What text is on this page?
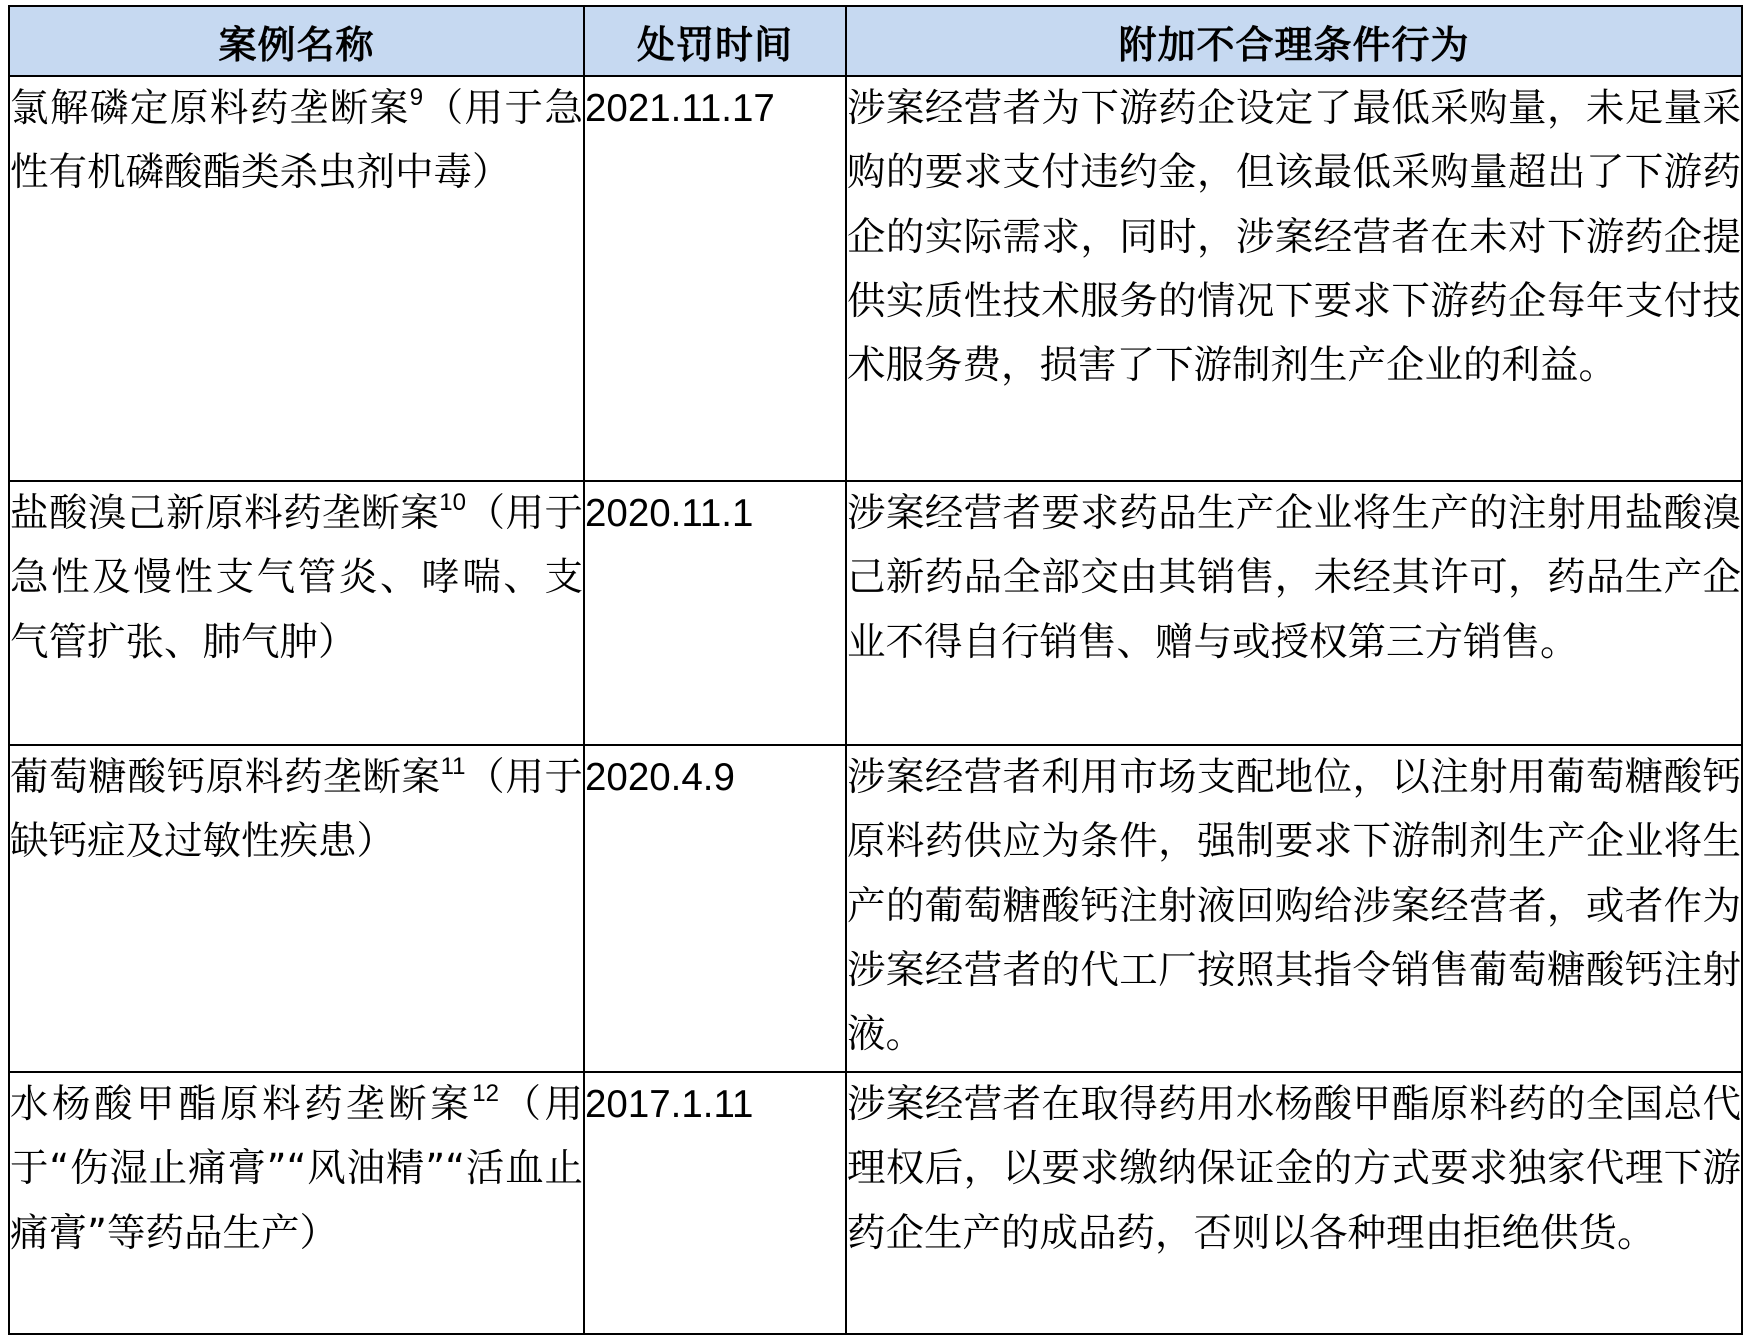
案例名称	处罚时间	附加不合理条件行为
氯解磷定原料药垄断案$^9$（用于急性有机磷酸酯类杀虫剂中毒）	2021.11.17	涉案经营者为下游药企设定了最低采购量，未足量采购的要求支付违约金，但该最低采购量超出了下游药企的实际需求，同时，涉案经营者在未对下游药企提供实质性技术服务的情况下要求下游药企每年支付技术服务费，损害了下游制剂生产企业的利益。
盐酸溴己新原料药垄断案$^{10}$（用于急性及慢性支气管炎、哮喘、支气管扩张、肺气肿）	2020.11.1	涉案经营者要求药品生产企业将生产的注射用盐酸溴己新药品全部交由其销售，未经其许可，药品生产企业不得自行销售、赠与或授权第三方销售。
葡萄糖酸钙原料药垄断案$^{11}$（用于缺钙症及过敏性疾患）	2020.4.9	涉案经营者利用市场支配地位，以注射用葡萄糖酸钙原料药供应为条件，强制要求下游制剂生产企业将生产的葡萄糖酸钙注射液回购给涉案经营者，或者作为涉案经营者的代工厂按照其指令销售葡萄糖酸钙注射液。
水杨酸甲酯原料药垄断案$^{12}$（用于“伤湿止痛膏”“风油精”“活血止痛膏”等药品生产）	2017.1.11	涉案经营者在取得药用水杨酸甲酯原料药的全国总代理权后，以要求缴纳保证金的方式要求独家代理下游药企生产的成品药，否则以各种理由拒绝供货。
